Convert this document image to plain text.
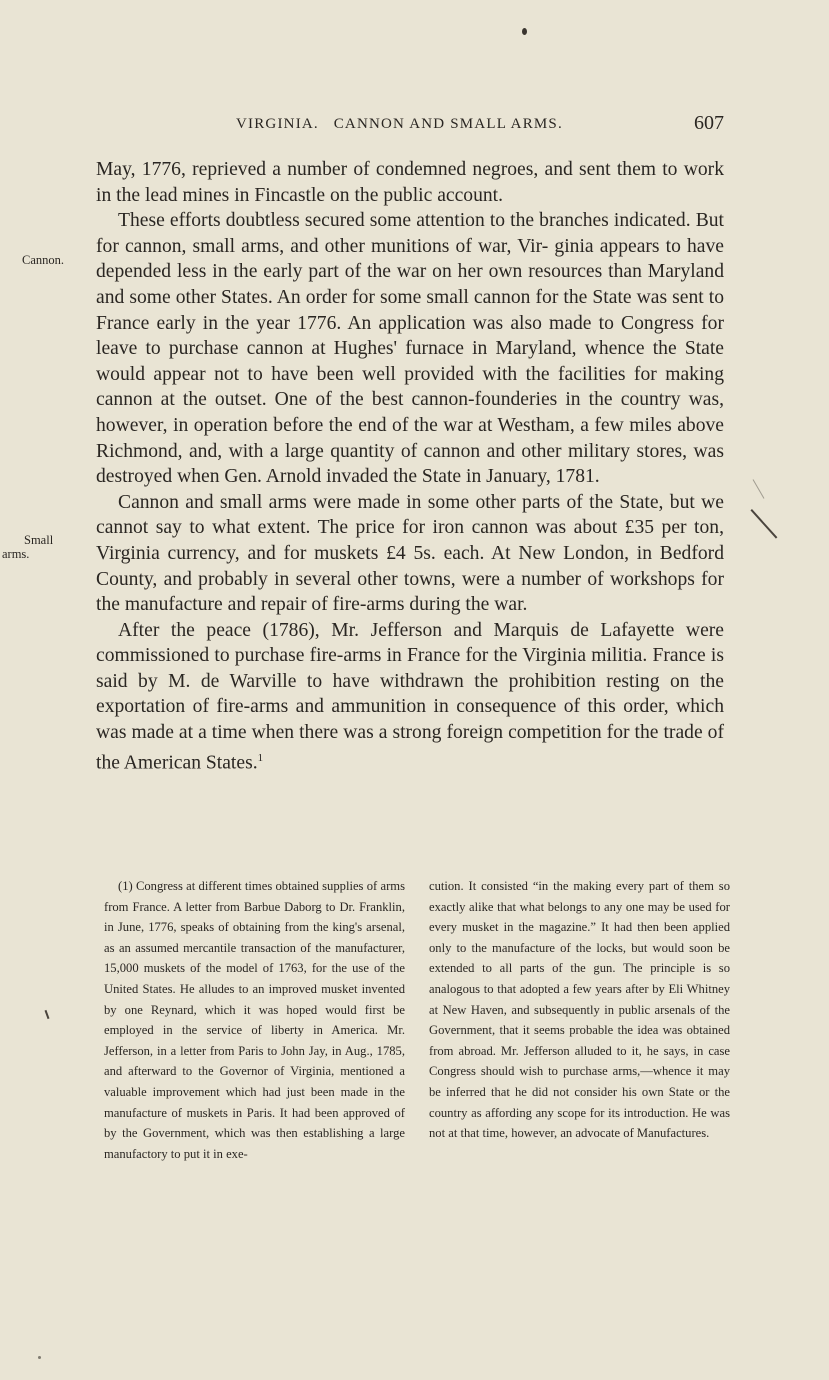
VIRGINIA.   CANNON AND SMALL ARMS.	607

May, 1776, reprieved a number of condemned negroes, and sent them to work in the lead mines in Fincastle on the public account.

These efforts doubtless secured some attention to the branches indicated. But for cannon, small arms, and other munitions of war, Vir-
Cannon.
ginia appears to have depended less in the early part of the war on her own resources than Maryland and some other States. An order for some small cannon for the State was sent to France early in the year 1776. An application was also made to Congress for leave to purchase cannon at Hughes' furnace in Maryland, whence the State would appear not to have been well provided with the facilities for making cannon at the outset. One of the best cannon-founderies in the country was, however, in operation before the end of the war at Westham, a few miles above Richmond, and, with a large quantity of cannon and other military stores, was destroyed when Gen. Arnold invaded the State in January, 1781.

Cannon and small arms were made in some other parts of the State, but we cannot say to what extent. The price for iron cannon was
Small arms.
about £35 per ton, Virginia currency, and for muskets £4 5s. each. At New London, in Bedford County, and probably in several other towns, were a number of workshops for the manufacture and repair of fire-arms during the war.

After the peace (1786), Mr. Jefferson and Marquis de Lafayette were commissioned to purchase fire-arms in France for the Virginia militia. France is said by M. de Warville to have withdrawn the prohibition resting on the exportation of fire-arms and ammunition in consequence of this order, which was made at a time when there was a strong foreign competition for the trade of the American States.$^1$

(1) Congress at different times obtained supplies of arms from France. A letter from Barbue Daborg to Dr. Franklin, in June, 1776, speaks of obtaining from the king's arsenal, as an assumed mercantile transaction of the manufacturer, 15,000 muskets of the model of 1763, for the use of the United States. He alludes to an improved musket invented by one Reynard, which it was hoped would first be employed in the service of liberty in America. Mr. Jefferson, in a letter from Paris to John Jay, in Aug., 1785, and afterward to the Governor of Virginia, mentioned a valuable improvement which had just been made in the manufacture of muskets in Paris. It had been approved of by the Government, which was then establishing a large manufactory to put it in exe-

cution. It consisted “in the making every part of them so exactly alike that what belongs to any one may be used for every musket in the magazine.” It had then been applied only to the manufacture of the locks, but would soon be extended to all parts of the gun. The principle is so analogous to that adopted a few years after by Eli Whitney at New Haven, and subsequently in public arsenals of the Government, that it seems probable the idea was obtained from abroad. Mr. Jefferson alluded to it, he says, in case Congress should wish to purchase arms,—whence it may be inferred that he did not consider his own State or the country as affording any scope for its introduction. He was not at that time, however, an advocate of Manufactures.
